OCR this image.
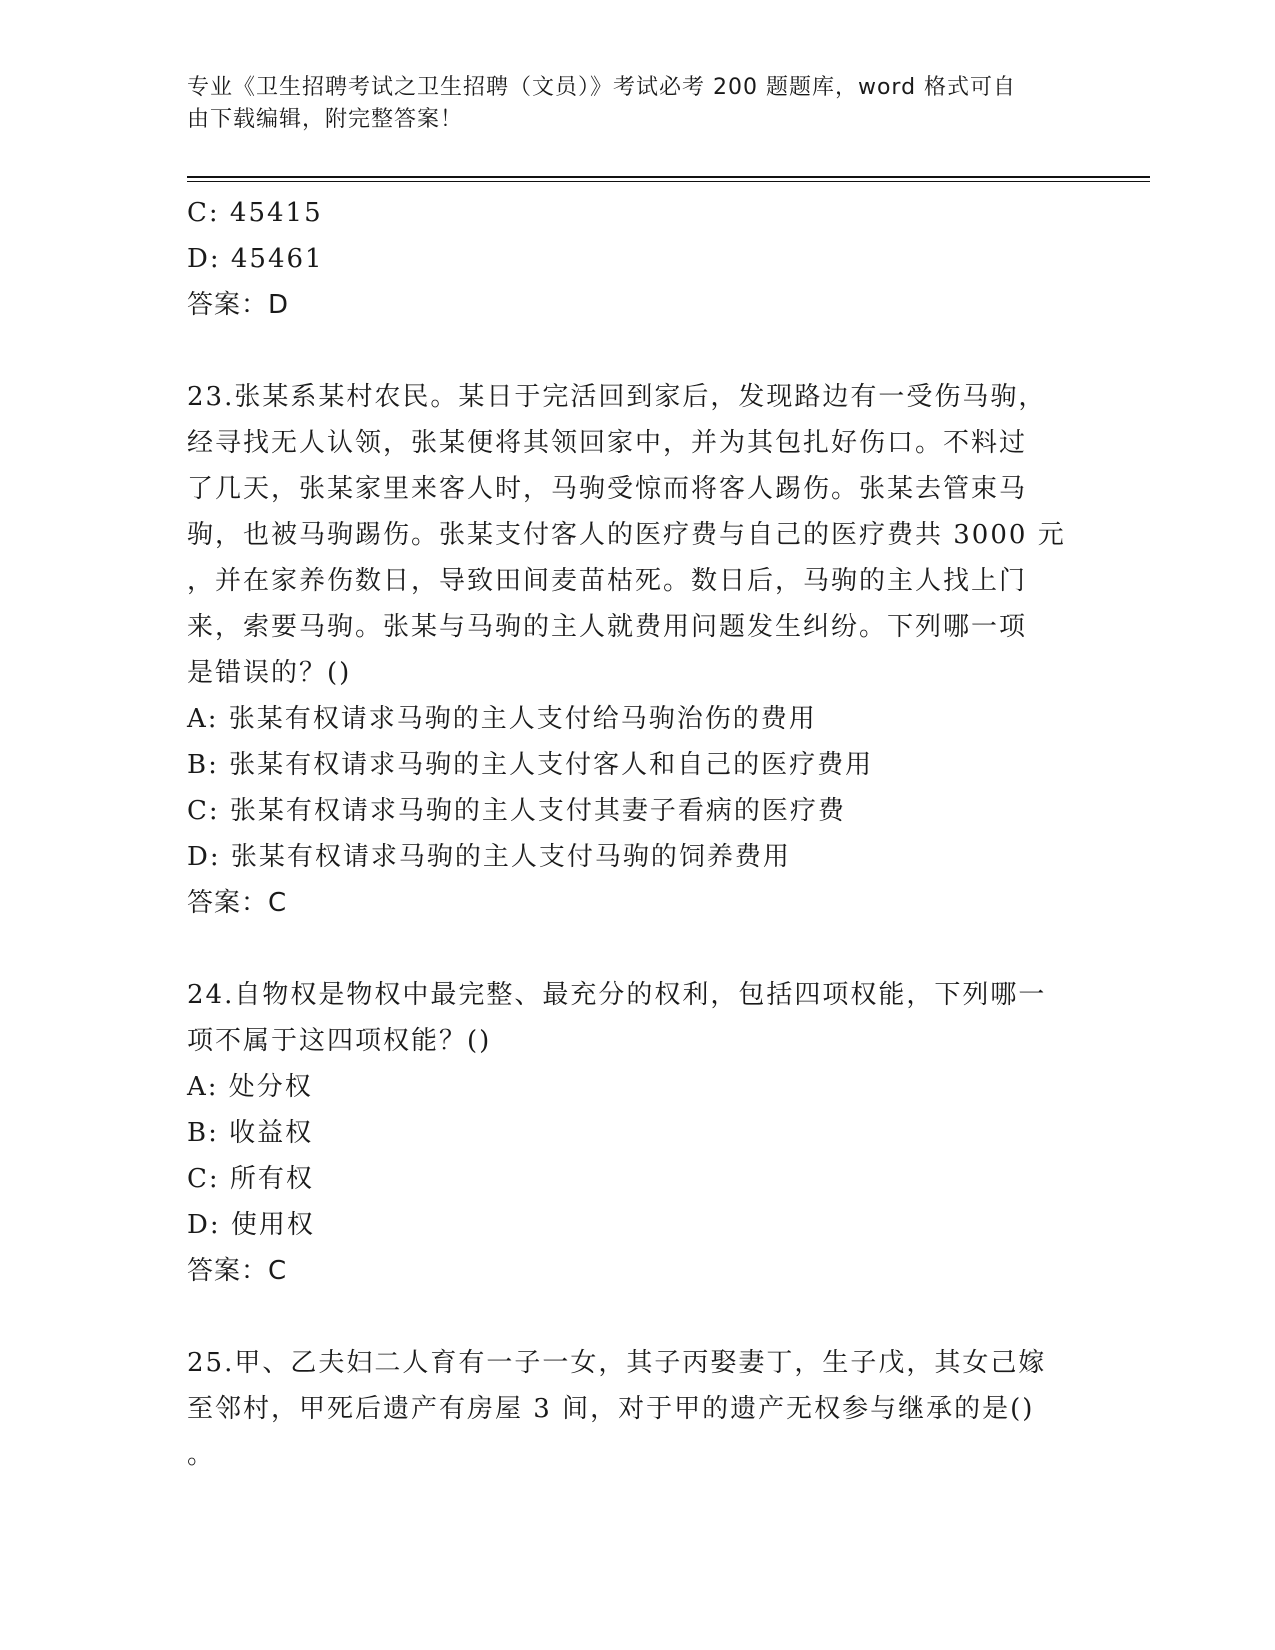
专业《卫生招聘考试之卫生招聘（文员）》考试必考 200 题题库，word 格式可自
由下载编辑，附完整答案！
C: 45415
D: 45461
答案：D
23.张某系某村农民。某日于完活回到家后，发现路边有一受伤马驹，
经寻找无人认领，张某便将其领回家中，并为其包扎好伤口。不料过
了几天，张某家里来客人时，马驹受惊而将客人踢伤。张某去管束马
驹，也被马驹踢伤。张某支付客人的医疗费与自己的医疗费共 3000 元
，并在家养伤数日，导致田间麦苗枯死。数日后，马驹的主人找上门
来，索要马驹。张某与马驹的主人就费用问题发生纠纷。下列哪一项
是错误的？()
A: 张某有权请求马驹的主人支付给马驹治伤的费用
B: 张某有权请求马驹的主人支付客人和自己的医疗费用
C: 张某有权请求马驹的主人支付其妻子看病的医疗费
D: 张某有权请求马驹的主人支付马驹的饲养费用
答案：C
24.自物权是物权中最完整、最充分的权利，包括四项权能，下列哪一
项不属于这四项权能？()
A: 处分权
B: 收益权
C: 所有权
D: 使用权
答案：C
25.甲、乙夫妇二人育有一子一女，其子丙娶妻丁，生子戊，其女己嫁
至邻村，甲死后遗产有房屋 3 间，对于甲的遗产无权参与继承的是()
。
